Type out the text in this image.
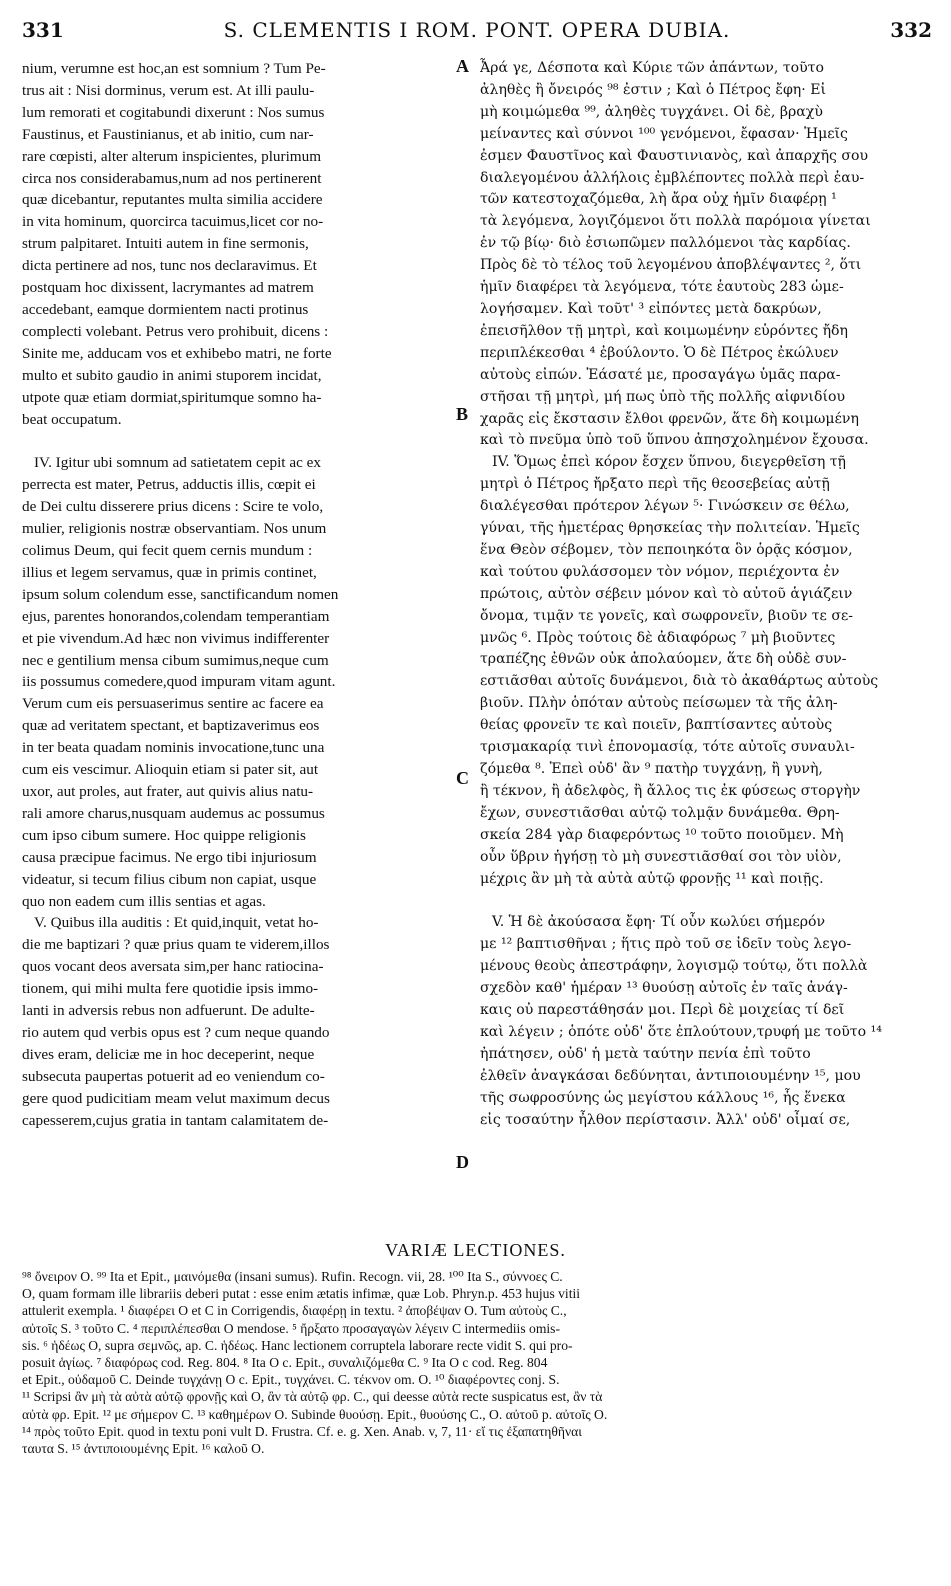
331	S. CLEMENTIS I ROM. PONT. OPERA DUBIA.	332
nium, verumne est hoc,an est somnium ? Tum Pe-
trus ait : Nisi dorminus, verum est. At illi paulu-
lum remorati et cogitabundi dixerunt : Nos sumus
Faustinus, et Faustinianus, et ab initio, cum nar-
rare cœpisti, alter alterum inspicientes, plurimum
circa nos considerabamus,num ad nos pertinerent
quæ dicebantur, reputantes multa similia accidere
in vita hominum, quorcirca tacuimus,licet cor no-
strum palpitaret. Intuiti autem in fine sermonis,
dicta pertinere ad nos, tunc nos declaravimus. Et
postquam hoc dixissent, lacrymantes ad matrem
accedebant, eamque dormientem nacti protinus
complecti volebant. Petrus vero prohibuit, dicens :
Sinite me, adducam vos et exhibebo matri, ne forte
multo et subito gaudio in animi stuporem incidat,
utpote quæ etiam dormiat,spiritumque somno ha-
beat occupatum.
IV. Igitur ubi somnum ad satietatem cepit ac ex
perrecta est mater, Petrus, adductis illis, cœpit ei
de Dei cultu disserere prius dicens : Scire te volo,
mulier, religionis nostræ observantiam. Nos unum
colimus Deum, qui fecit quem cernis mundum :
illius et legem servamus, quæ in primis continet,
ipsum solum colendum esse, sanctificandum nomen
ejus, parentes honorandos,colendam temperantiam
et pie vivendum.Ad hæc non vivimus indifferenter
nec e gentilium mensa cibum sumimus,neque cum
iis possumus comedere,quod impuram vitam agunt.
Verum cum eis persuaserimus sentire ac facere ea
quæ ad veritatem spectant, et baptizaverimus eos
in ter beata quadam nominis invocatione,tunc una
cum eis vescimur. Alioquin etiam si pater sit, aut
uxor, aut proles, aut frater, aut quivis alius natu-
rali amore charus,nusquam audemus ac possumus
cum ipso cibum sumere. Hoc quippe religionis
causa præcipue facimus. Ne ergo tibi injuriosum
videatur, si tecum filius cibum non capiat, usque
quo non eadem cum illis sentias et agas.
V. Quibus illa auditis : Et quid,inquit, vetat ho-
die me baptizari ? quæ prius quam te viderem,illos
quos vocant deos aversata sim,per hanc ratiocina-
tionem, qui mihi multa fere quotidie ipsis immo-
lanti in adversis rebus non adfuerunt. De adulte-
rio autem qud verbis opus est ? cum neque quando
dives eram, deliciæ me in hoc deceperint, neque
subsecuta paupertas potuerit ad eo veniendum co-
gere quod pudicitiam meam velut maximum decus
capesserem,cujus gratia in tantam calamitatem de-
Ἆρά γε, Δέσποτα καὶ Κύριε τῶν ἁπάντων, τοῦτο
ἀληθὲς ἢ ὄνειρός ⁹⁸ ἐστιν ; Καὶ ὁ Πέτρος ἔφη· Εἰ
μὴ κοιμώμεθα ⁹⁹, ἀληθὲς τυγχάνει. Οἱ δὲ, βραχὺ
μείναντες καὶ σύννοι ¹⁰⁰ γενόμενοι, ἔφασαν· Ἡμεῖς
ἐσμεν Φαυστῖνος καὶ Φαυστινιανὸς, καὶ ἀπαρχῆς σου
διαλεγομένου ἀλλήλοις ἐμβλέποντες πολλὰ περὶ ἑαυ-
τῶν κατεστοχαζόμεθα, λὴ ἄρα οὐχ ἡμῖν διαφέρῃ ¹
τὰ λεγόμενα, λογιζόμενοι ὅτι πολλὰ παρόμοια γίνεται
ἐν τῷ βίῳ· διὸ ἐσιωπῶμεν παλλόμενοι τὰς καρδίας.
Πρὸς δὲ τὸ τέλος τοῦ λεγομένου ἀποβλέψαντες ², ὅτι
ἡμῖν διαφέρει τὰ λεγόμενα, τότε ἑαυτοὺς 283 ὡμε-
λογήσαμεν. Καὶ τοῦτ' ³ εἰπόντες μετὰ δακρύων,
ἐπεισῆλθον τῇ μητρὶ, καὶ κοιμωμένην εὑρόντες ἤδη
περιπλέκεσθαι ⁴ ἐβούλοντο. Ὁ δὲ Πέτρος ἐκώλυεν
αὐτοὺς εἰπών. Ἐάσατέ με, προσαγάγω ὑμᾶς παρα-
στῆσαι τῇ μητρὶ, μή πως ὑπὸ τῆς πολλῆς αἰφνιδίου
χαρᾶς εἰς ἔκστασιν ἔλθοι φρενῶν, ἅτε δὴ κοιμωμένη
καὶ τὸ πνεῦμα ὑπὸ τοῦ ὕπνου ἀπησχολημένον ἔχουσα.
IV. Ὅμως ἐπεὶ κόρον ἔσχεν ὕπνου, διεγερθεῖση τῇ
μητρὶ ὁ Πέτρος ἤρξατο περὶ τῆς θεοσεβείας αὐτῇ
διαλέγεσθαι πρότερον λέγων ⁵· Γινώσκειν σε θέλω,
γύναι, τῆς ἡμετέρας θρησκείας τὴν πολιτείαν. Ἡμεῖς
ἕνα Θεὸν σέβομεν, τὸν πεποιηκότα ὃν ὁρᾷς κόσμον,
καὶ τούτου φυλάσσομεν τὸν νόμον, περιέχοντα ἐν
πρώτοις, αὐτὸν σέβειν μόνον καὶ τὸ αὐτοῦ ἁγιάζειν
ὄνομα, τιμᾷν τε γονεῖς, καὶ σωφρονεῖν, βιοῦν τε σε-
μνῶς ⁶. Πρὸς τούτοις δὲ ἀδιαφόρως ⁷ μὴ βιοῦντες
τραπέζης ἐθνῶν οὐκ ἀπολαύομεν, ἅτε δὴ οὐδὲ συν-
εστιᾶσθαι αὐτοῖς δυνάμενοι, διὰ τὸ ἀκαθάρτως αὐτοὺς
βιοῦν. Πλὴν ὁπόταν αὐτοὺς πείσωμεν τὰ τῆς ἀλη-
θείας φρονεῖν τε καὶ ποιεῖν, βαπτίσαντες αὐτοὺς
τρισμακαρίᾳ τινὶ ἐπονομασίᾳ, τότε αὐτοῖς συναυλι-
ζόμεθα ⁸. Ἐπεὶ οὐδ' ἂν ⁹ πατὴρ τυγχάνῃ, ἢ γυνὴ,
ἢ τέκνον, ἢ ἀδελφὸς, ἢ ἄλλος τις ἐκ φύσεως στοργὴν
ἔχων, συνεστιᾶσθαι αὐτῷ τολμᾷν δυνάμεθα. Θρη-
σκεία 284 γὰρ διαφερόντως ¹⁰ τοῦτο ποιοῦμεν. Μὴ
οὖν ὕβριν ἡγήσῃ τὸ μὴ συνεστιᾶσθαί σοι τὸν υἱὸν,
μέχρις ἂν μὴ τὰ αὐτὰ αὐτῷ φρονῇς ¹¹ καὶ ποιῇς.
V. Ἡ δὲ ἀκούσασα ἔφη· Τί οὖν κωλύει σήμερόν
με ¹² βαπτισθῆναι ; ἥτις πρὸ τοῦ σε ἰδεῖν τοὺς λεγο-
μένους θεοὺς ἀπεστράφην, λογισμῷ τούτῳ, ὅτι πολλὰ
σχεδὸν καθ' ἡμέραν ¹³ θυούσῃ αὐτοῖς ἐν ταῖς ἀνάγ-
καις οὐ παρεστάθησάν μοι. Περὶ δὲ μοιχείας τί δεῖ
καὶ λέγειν ; ὁπότε οὐδ' ὅτε ἐπλούτουν,τρυφή με τοῦτο ¹⁴
ἠπάτησεν, οὐδ' ἡ μετὰ ταύτην πενία ἐπὶ τοῦτο
ἐλθεῖν ἀναγκάσαι δεδύνηται, ἀντιποιουμένην ¹⁵, μου
τῆς σωφροσύνης ὡς μεγίστου κάλλους ¹⁶, ἧς ἕνεκα
εἰς τοσαύτην ἦλθον περίστασιν. Ἀλλ' οὐδ' οἶμαί σε,
A
B
C
D
VARIÆ LECTIONES.
⁹⁸ ὄνειρον O. ⁹⁹ Ita et Epit., μαινόμεθα (insani sumus). Rufin. Recogn. vii, 28. ¹⁰⁰ Ita S., σύννοες C.
O, quam formam ille librariis deberi putat : esse enim ætatis infimæ, quæ Lob. Phryn.p. 453 hujus vitii
attulerit exempla. ¹ διαφέρει O et C in Corrigendis, διαφέρῃ in textu. ² ἀποβέψαν O. Tum αὐτοὺς C.,
αὐτοῖς S. ³ τοῦτο C. ⁴ περιπλέπεσθαι O mendose. ⁵ ἤρξατο προσαγαγὼν λέγειν C intermediis omis-
sis. ⁶ ἡδέως O, supra σεμνῶς, ap. C. ἡδέως. Hanc lectionem corruptela laborare recte vidit S. qui pro-
posuit ἁγίως. ⁷ διαφόρως cod. Reg. 804. ⁸ Ita O c. Epit., συναλιζόμεθα C. ⁹ Ita O c cod. Reg. 804
et Epit., οὐδαμοῦ C. Deinde τυγχάνῃ O c. Epit., τυγχάνει. C. τέκνον om. O. ¹⁰ διαφέροντες conj. S.
¹¹ Scripsi ἂν μὴ τὰ αὐτὰ αὐτῷ φρονῇς καὶ O, ἂν τὰ αὐτῷ φρ. C., qui deesse αὐτὰ recte suspicatus est, ἂν τὰ
αὐτὰ φρ. Epit. ¹² με σήμερον C. ¹³ καθημέρων O. Subinde θυούσῃ. Epit., θυούσης C., O. αὐτοῦ p. αὐτοῖς O.
¹⁴ πρὸς τοῦτο Epit. quod in textu poni vult D. Frustra. Cf. e. g. Xen. Anab. v, 7, 11· εἴ τις ἐξαπατηθῆναι
ταυτα S. ¹⁵ ἀντιποιουμένης Epit. ¹⁶ καλοῦ O.
